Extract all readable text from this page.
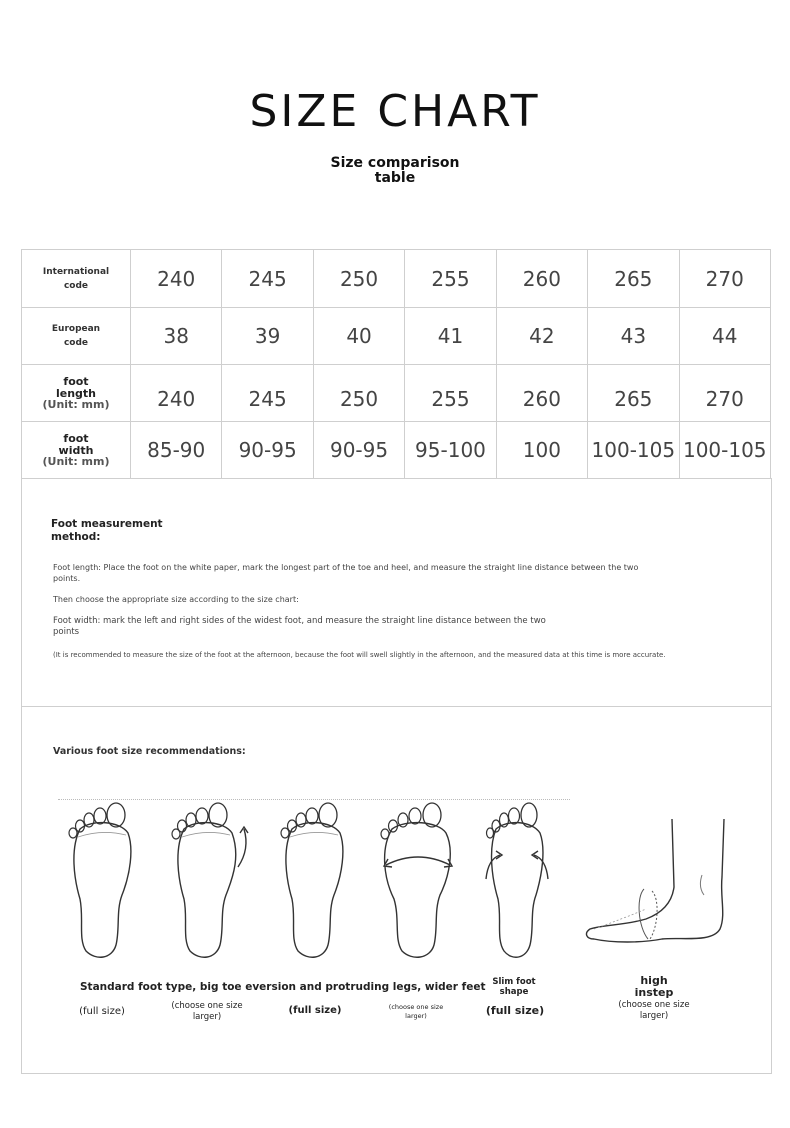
SIZE CHART
Size comparison
table
International
code	240	245	250	255	260	265	270

European
code	38	39	40	41	42	43	44

foot
length
(Unit: mm)	240	245	250	255	260	265	270

foot
width
(Unit: mm)	85-90	90-95	90-95	95-100	100	100-105	100-105
Foot measurement
method:
Foot length: Place the foot on the white paper, mark the longest part of the toe and heel, and measure the straight line distance between the two
points.
Then choose the appropriate size according to the size chart:
Foot width: mark the left and right sides of the widest foot, and measure the straight line distance between the two
points
(It is recommended to measure the size of the foot at the afternoon, because the foot will swell slightly in the afternoon, and the measured data at this time is more accurate.
Various foot size recommendations:
Standard foot type, big toe eversion and protruding legs, wider feet Slim foot
shape
high
instep
(full size)	(choose one size
larger)
(full size)	(choose one size
larger)	(full size)	(choose one size
larger)
